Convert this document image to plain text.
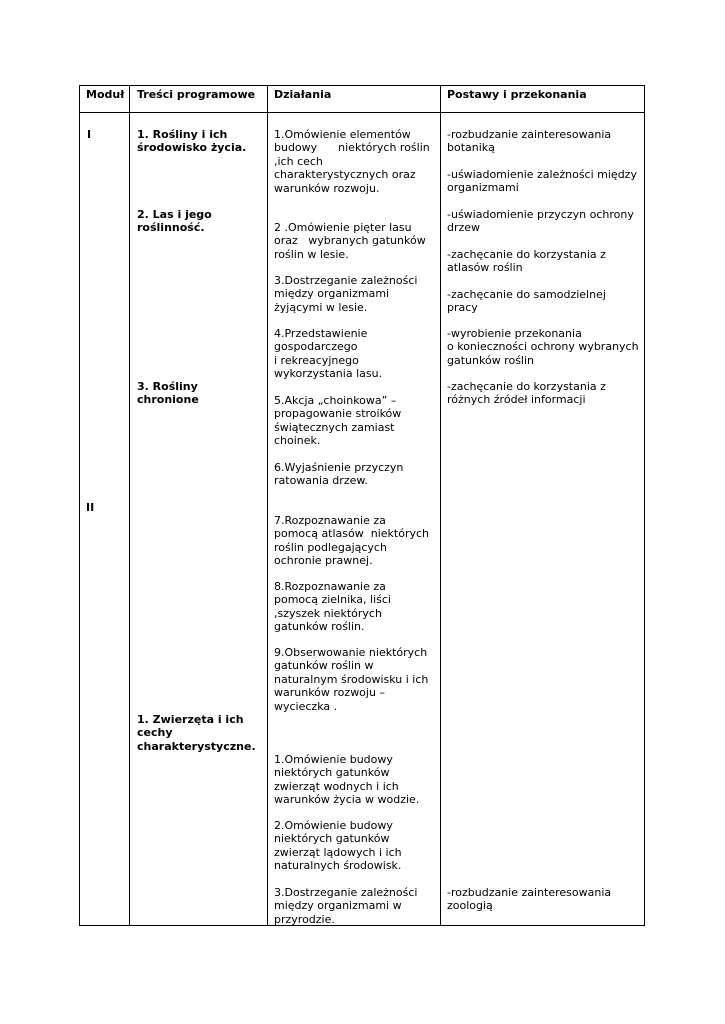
Moduł Treści programowe Działania	Postawy i przekonania
I
II
1. Rośliny i ich
środowisko życia.
2. Las i jego
roślinność.
3. Rośliny
chronione
1. Zwierzęta i ich
cechy
charakterystyczne.
1.Omówienie elementów
budowy      niektórych roślin
,ich cech
charakterystycznych oraz
warunków rozwoju.
2 .Omówienie pięter lasu
oraz   wybranych gatunków
roślin w lesie.
3.Dostrzeganie zależności
między organizmami
żyjącymi w lesie.
4.Przedstawienie
gospodarczego
i rekreacyjnego
wykorzystania lasu.
5.Akcja „choinkowa” –
propagowanie stroików
świątecznych zamiast
choinek.
6.Wyjaśnienie przyczyn
ratowania drzew.
7.Rozpoznawanie za
pomocą atlasów  niektórych
roślin podlegających
ochronie prawnej.
8.Rozpoznawanie za
pomocą zielnika, liści
,szyszek niektórych
gatunków roślin.
9.Obserwowanie niektórych
gatunków roślin w
naturalnym środowisku i ich
warunków rozwoju –
wycieczka .
1.Omówienie budowy
niektórych gatunków
zwierząt wodnych i ich
warunków życia w wodzie.
2.Omówienie budowy
niektórych gatunków
zwierząt lądowych i ich
naturalnych środowisk.
3.Dostrzeganie zależności
między organizmami w
przyrodzie.
-rozbudzanie zainteresowania
botaniką
-uświadomienie zależności między
organizmami
-uświadomienie przyczyn ochrony
drzew
-zachęcanie do korzystania z
atlasów roślin
-zachęcanie do samodzielnej
pracy
-wyrobienie przekonania
o konieczności ochrony wybranych
gatunków roślin
-zachęcanie do korzystania z
różnych źródeł informacji
-rozbudzanie zainteresowania
zoologią
